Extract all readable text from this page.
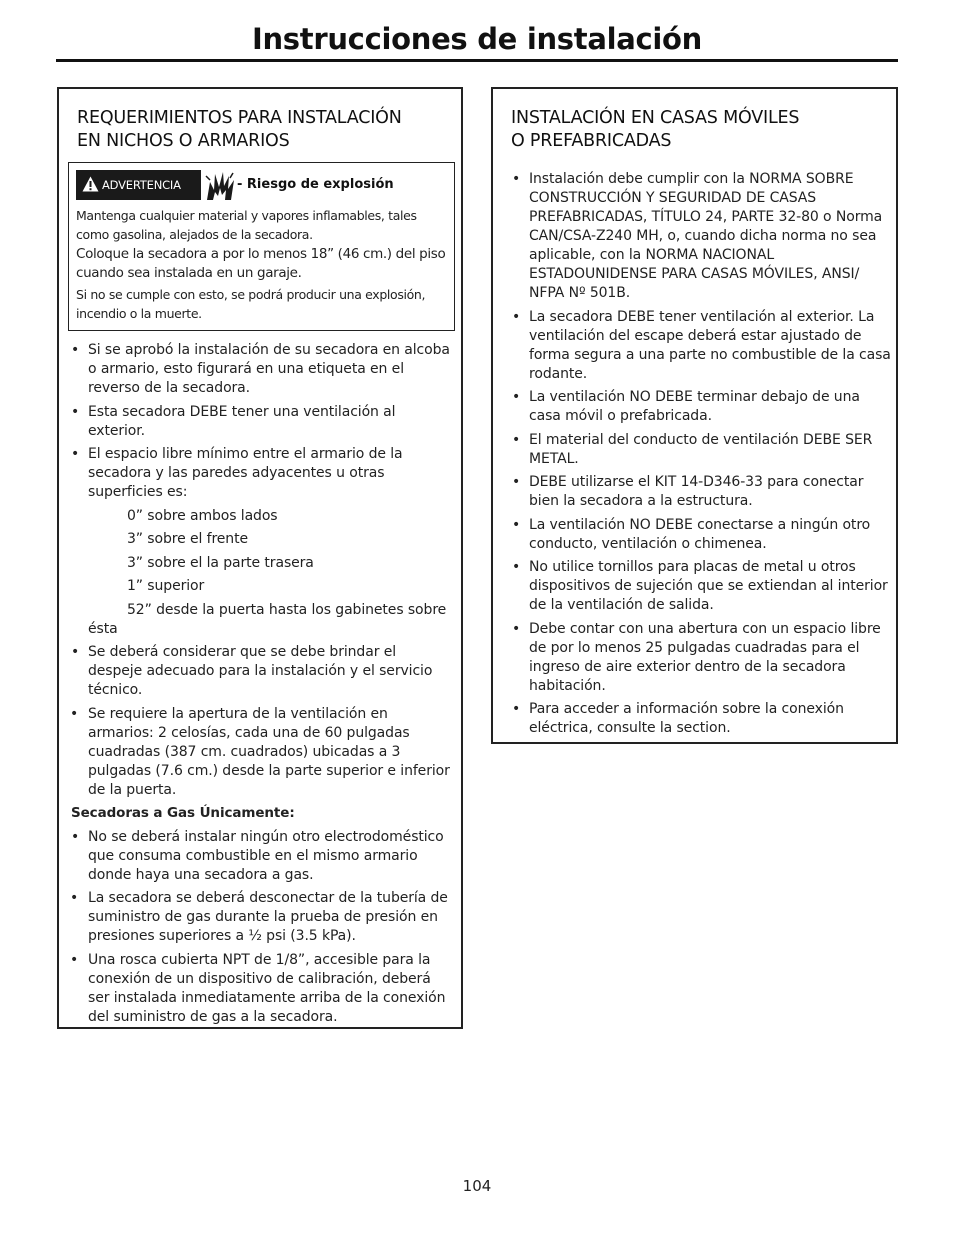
Instrucciones de instalación
REQUERIMIENTOS PARA INSTALACIÓN
EN NICHOS O ARMARIOS
ADVERTENCIA	- Riesgo de explosión
Mantenga cualquier material y vapores inflamables, tales como gasolina, alejados de la secadora.
Coloque la secadora a por lo menos 18” (46 cm.) del piso cuando sea instalada en un garaje.
Si no se cumple con esto, se podrá producir una explosión, incendio o la muerte.
• Si se aprobó la instalación de su secadora en alcoba o armario, esto figurará en una etiqueta en el reverso de la secadora.
• Esta secadora DEBE tener una ventilación al exterior.
• El espacio libre mínimo entre el armario de la secadora y las paredes adyacentes u otras superficies es:
0” sobre ambos lados
3” sobre el frente
3” sobre el la parte trasera
1” superior
52” desde la puerta hasta los gabinetes sobre ésta
• Se deberá considerar que se debe brindar el despeje adecuado para la instalación y el servicio técnico.
• Se requiere la apertura de la ventilación en armarios: 2 celosías, cada una de 60 pulgadas cuadradas (387 cm. cuadrados) ubicadas a 3 pulgadas (7.6 cm.) desde la parte superior e inferior de la puerta.
Secadoras a Gas Únicamente:
• No se deberá instalar ningún otro electrodoméstico que consuma combustible en el mismo armario donde haya una secadora a gas.
• La secadora se deberá desconectar de la tubería de suministro de gas durante la prueba de presión en presiones superiores a ½ psi (3.5 kPa).
• Una rosca cubierta NPT de 1/8”, accesible para la conexión de un dispositivo de calibración, deberá ser instalada inmediatamente arriba de la conexión del suministro de gas a la secadora.
INSTALACIÓN EN CASAS MÓVILES
O PREFABRICADAS
• Instalación debe cumplir con la NORMA SOBRE CONSTRUCCIÓN Y SEGURIDAD DE CASAS PREFABRICADAS, TÍTULO 24, PARTE 32-80 o Norma CAN/CSA-Z240 MH, o, cuando dicha norma no sea aplicable, con la NORMA NACIONAL ESTADOUNIDENSE PARA CASAS MÓVILES, ANSI/ NFPA Nº 501B.
• La secadora DEBE tener ventilación al exterior. La ventilación del escape deberá estar ajustado de forma segura a una parte no combustible de la casa rodante.
• La ventilación NO DEBE terminar debajo de una casa móvil o prefabricada.
• El material del conducto de ventilación DEBE SER METAL.
• DEBE utilizarse el KIT 14-D346-33 para conectar bien la secadora a la estructura.
• La ventilación NO DEBE conectarse a ningún otro conducto, ventilación o chimenea.
• No utilice tornillos para placas de metal u otros dispositivos de sujeción que se extiendan al interior de la ventilación de salida.
• Debe contar con una abertura con un espacio libre de por lo menos 25 pulgadas cuadradas para el ingreso de aire exterior dentro de la secadora habitación.
• Para acceder a información sobre la conexión eléctrica, consulte la section.
104
